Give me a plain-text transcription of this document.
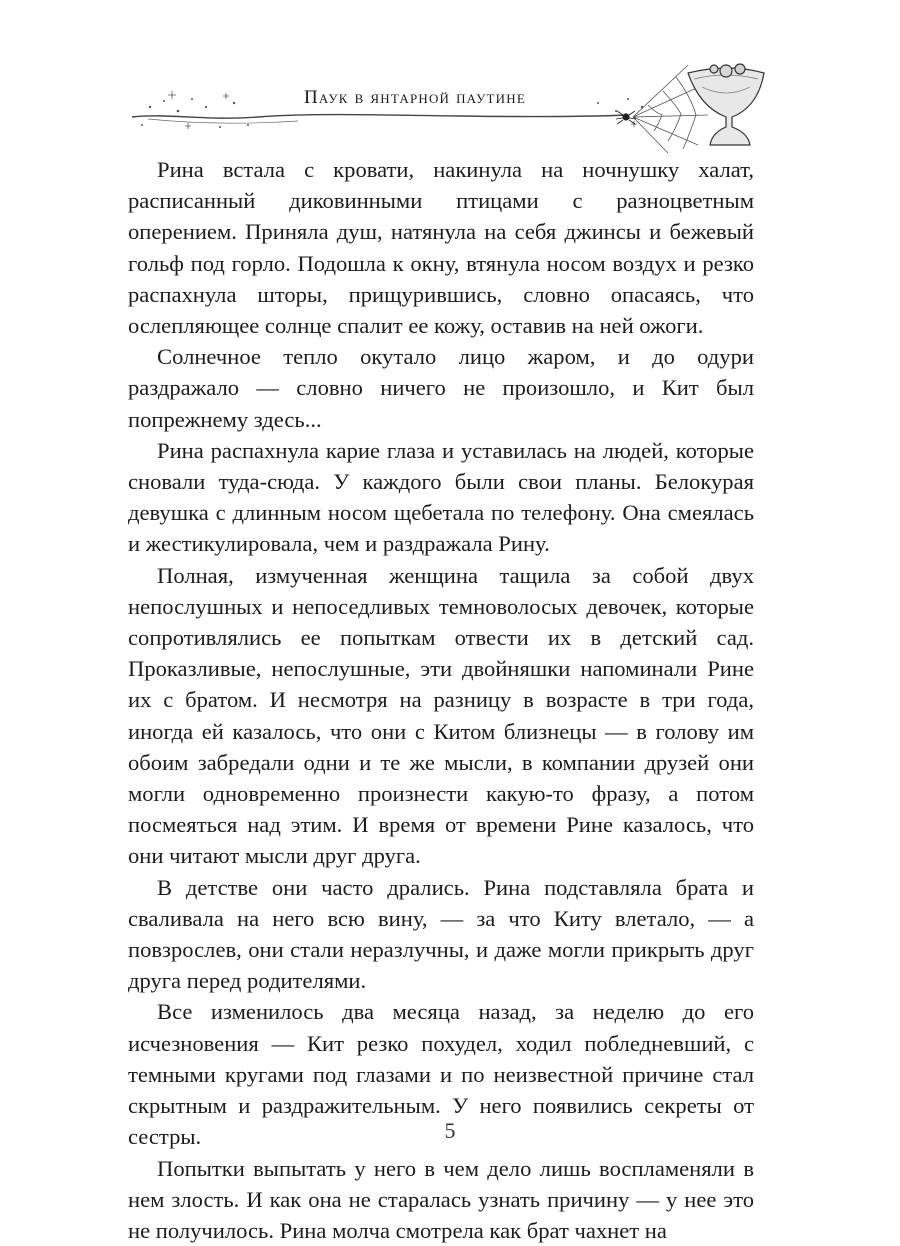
Паук в янтарной паутине

Рина встала с кровати, накинула на ночнушку халат, расписанный диковинными птицами с разноцветным оперением. Приняла душ, натянула на себя джинсы и бежевый гольф под горло. Подошла к окну, втянула носом воздух и резко распахнула шторы, прищурившись, словно опасаясь, что ослепляющее солнце спалит ее кожу, оставив на ней ожоги.

Солнечное тепло окутало лицо жаром, и до одури раздражало — словно ничего не произошло, и Кит был попрежнему здесь...

Рина распахнула карие глаза и уставилась на людей, которые сновали туда-сюда. У каждого были свои планы. Белокурая девушка с длинным носом щебетала по телефону. Она смеялась и жестикулировала, чем и раздражала Рину.

Полная, измученная женщина тащила за собой двух непослушных и непоседливых темноволосых девочек, которые сопротивлялись ее попыткам отвести их в детский сад. Проказливые, непослушные, эти двойняшки напоминали Рине их с братом. И несмотря на разницу в возрасте в три года, иногда ей казалось, что они с Китом близнецы — в голову им обоим забредали одни и те же мысли, в компании друзей они могли одновременно произнести какую-то фразу, а потом посмеяться над этим. И время от времени Рине казалось, что они читают мысли друг друга.

В детстве они часто дрались. Рина подставляла брата и сваливала на него всю вину, — за что Киту влетало, — а повзрослев, они стали неразлучны, и даже могли прикрыть друг друга перед родителями.

Все изменилось два месяца назад, за неделю до его исчезновения — Кит резко похудел, ходил побледневший, с темными кругами под глазами и по неизвестной причине стал скрытным и раздражительным. У него появились секреты от сестры.

Попытки выпытать у него в чем дело лишь воспламеняли в нем злость. И как она не старалась узнать причину — у нее это не получилось. Рина молча смотрела как брат чахнет на

5
